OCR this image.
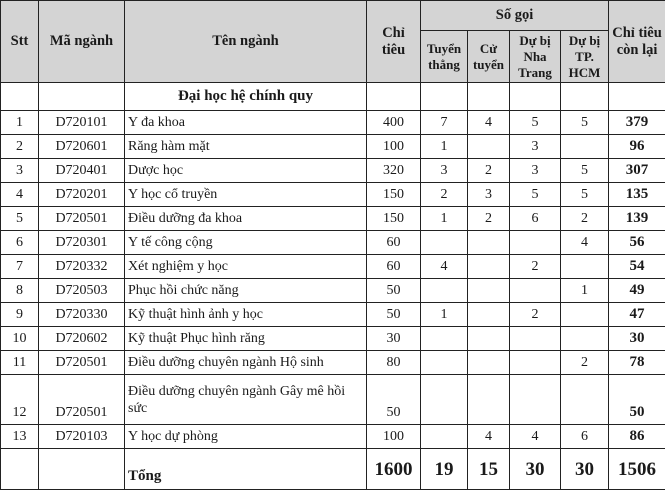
Stt	Mã ngành	Tên ngành	Chỉ tiêu	Số gọi				Chỉ tiêu còn lại
				Tuyển thẳng	Cử tuyển	Dự bị Nha Trang	Dự bị TP. HCM	
		Đại học hệ chính quy						
1	D720101	Y đa khoa	400	7	4	5	5	379
2	D720601	Răng hàm mặt	100	1		3		96
3	D720401	Dược học	320	3	2	3	5	307
4	D720201	Y học cổ truyền	150	2	3	5	5	135
5	D720501	Điều dưỡng đa khoa	150	1	2	6	2	139
6	D720301	Y tế công cộng	60				4	56
7	D720332	Xét nghiệm y học	60	4		2		54
8	D720503	Phục hồi chức năng	50				1	49
9	D720330	Kỹ thuật hình ảnh y học	50	1		2		47
10	D720602	Kỹ thuật Phục hình răng	30					30
11	D720501	Điều dưỡng chuyên ngành Hộ sinh	80				2	78
12	D720501	Điều dưỡng chuyên ngành Gây mê hồi sức	50					50
13	D720103	Y học dự phòng	100		4	4	6	86
		Tổng	1600	19	15	30	30	1506
